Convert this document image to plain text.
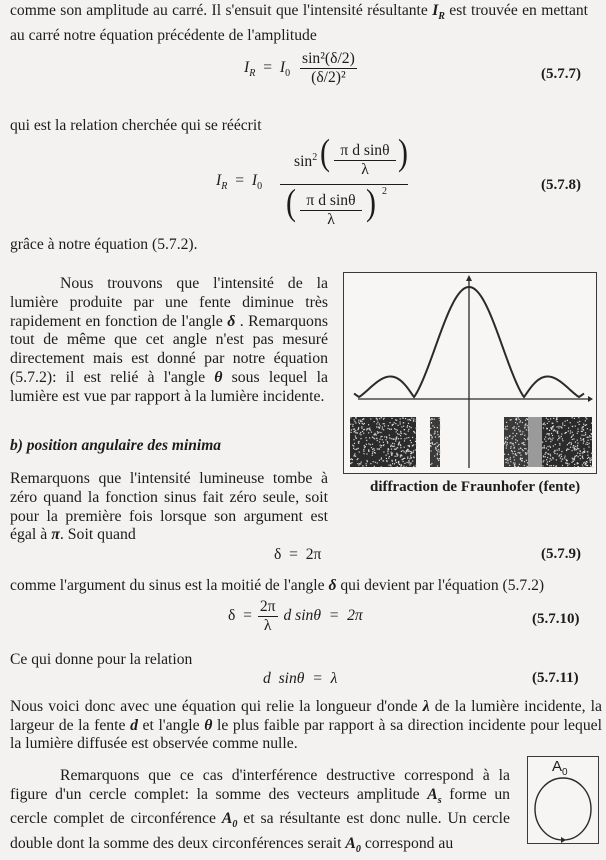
comme son amplitude au carré. Il s'ensuit que l'intensité résultante $I_R$ est trouvée en mettant au carré notre équation précédente de l'amplitude
$I_R = I_0 \frac{\text{sin²(δ/2)}}{\text{(δ/2)²}}$	(5.7.7)
qui est la relation cherchée qui se réécrit
$I_R = I_0$
$\sin^2$ ( π d sinθ
λ )
( π d sinθ
λ	) 2	(5.7.8)
grâce à notre équation (5.7.2).
Nous trouvons que l'intensité de la lumière produite par une fente diminue très rapidement en fonction de l'angle δ . Remarquons tout de même que cet angle n'est pas mesuré directement mais est donné par notre équation (5.7.2): il est relié à l'angle θ sous lequel la lumière est vue par rapport à la lumière incidente.
diffraction de Fraunhofer (fente)
b) position angulaire des minima
Remarquons que l'intensité lumineuse tombe à zéro quand la fonction sinus fait zéro seule, soit pour la première fois lorsque son argument est égal à π. Soit quand
δ  =  2π	(5.7.9)
comme l'argument du sinus est la moitié de l'angle δ qui devient par l'équation (5.7.2)
$\delta = \frac{2\pi}{\lambda}$ d sinθ  =  2π	(5.7.10)
Ce qui donne pour la relation
d  sinθ  =  λ	(5.7.11)
Nous voici donc avec une équation qui relie la longueur d'onde λ de la lumière incidente, la largeur de la fente d et l'angle θ le plus faible par rapport à sa direction incidente pour lequel la lumière diffusée est observée comme nulle.
Remarquons que ce cas d'interférence destructive correspond à la figure d'un cercle complet: la somme des vecteurs amplitude $A_s$ forme un cercle complet de circonférence $A_0$ et sa résultante est donc nulle. Un cercle double dont la somme des deux circonférences serait $A_0$ correspond au
$A_0$
